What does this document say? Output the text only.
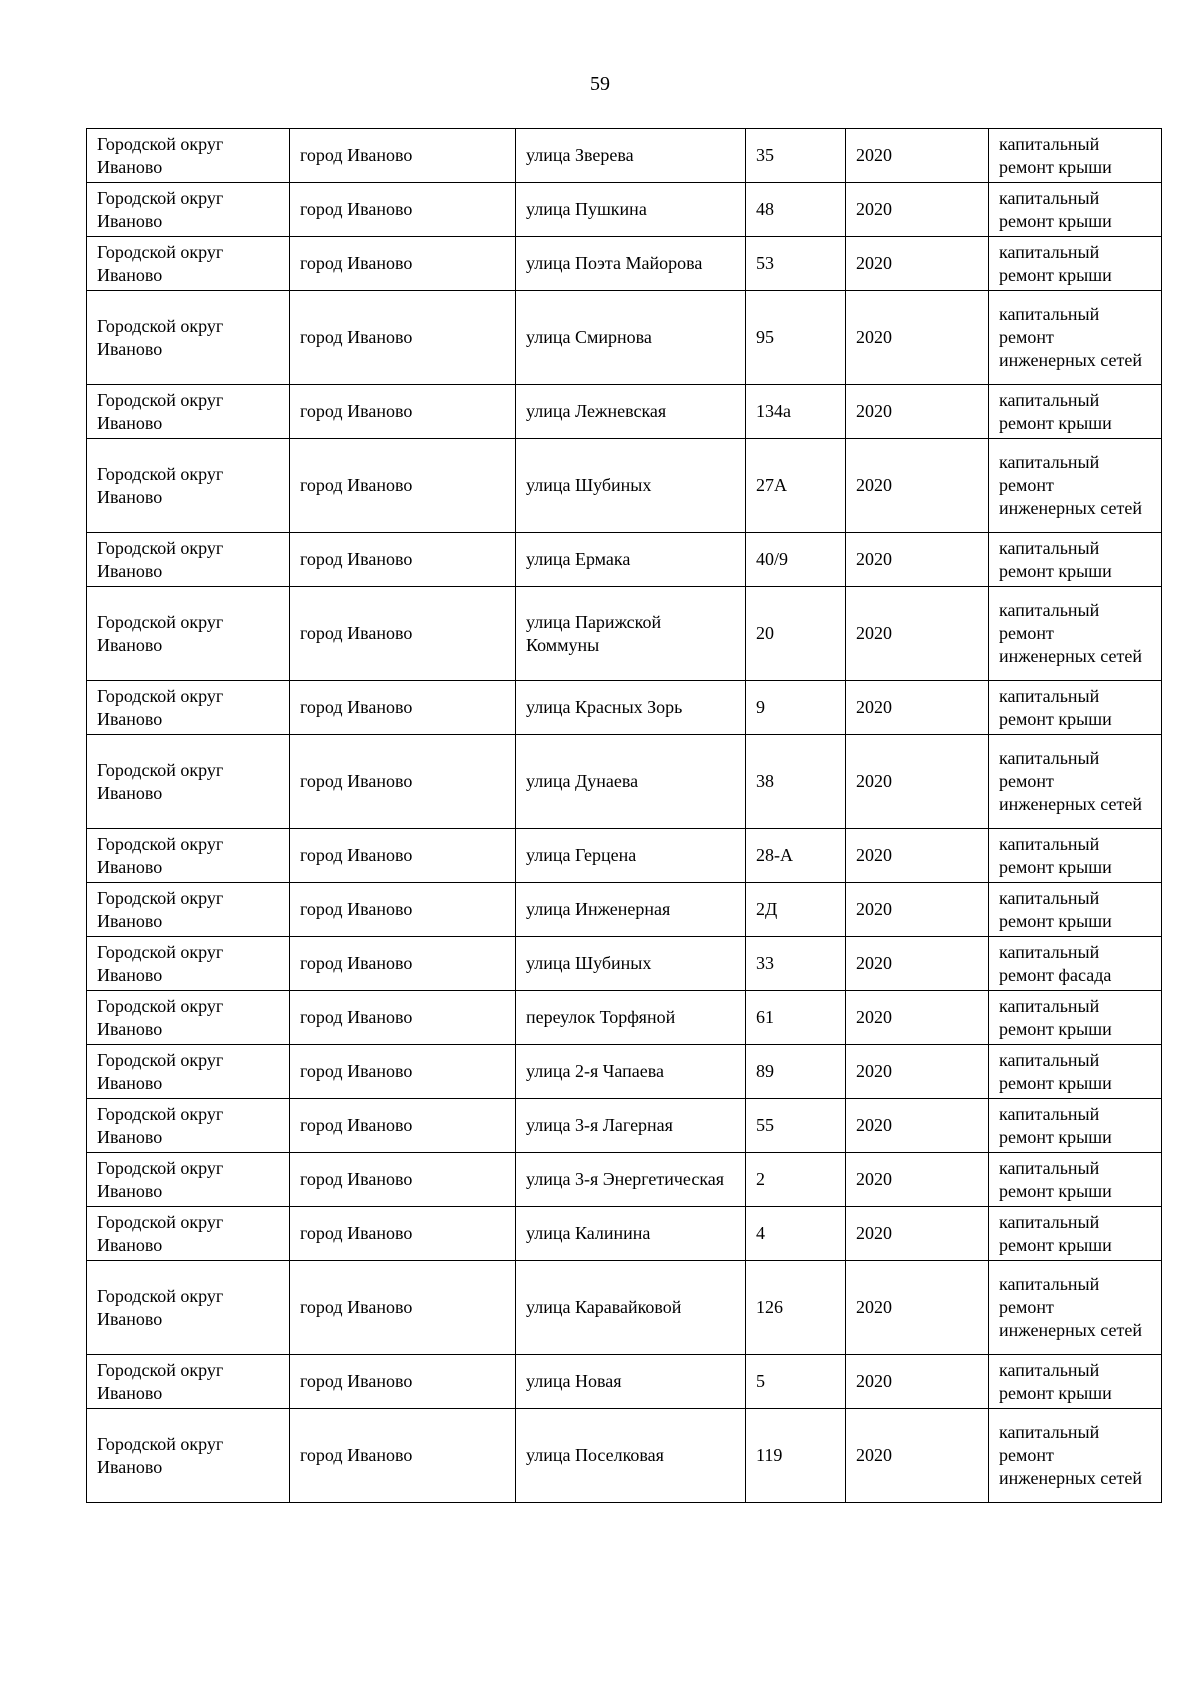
59
Городской округ Иваново	город Иваново	улица Зверева	35	2020	капитальный ремонт крыши
Городской округ Иваново	город Иваново	улица Пушкина	48	2020	капитальный ремонт крыши
Городской округ Иваново	город Иваново	улица Поэта Майорова	53	2020	капитальный ремонт крыши
Городской округ Иваново	город Иваново	улица Смирнова	95	2020	капитальный ремонт инженерных сетей
Городской округ Иваново	город Иваново	улица Лежневская	134а	2020	капитальный ремонт крыши
Городской округ Иваново	город Иваново	улица Шубиных	27А	2020	капитальный ремонт инженерных сетей
Городской округ Иваново	город Иваново	улица Ермака	40/9	2020	капитальный ремонт крыши
Городской округ Иваново	город Иваново	улица Парижской Коммуны	20	2020	капитальный ремонт инженерных сетей
Городской округ Иваново	город Иваново	улица Красных Зорь	9	2020	капитальный ремонт крыши
Городской округ Иваново	город Иваново	улица Дунаева	38	2020	капитальный ремонт инженерных сетей
Городской округ Иваново	город Иваново	улица Герцена	28-А	2020	капитальный ремонт крыши
Городской округ Иваново	город Иваново	улица Инженерная	2Д	2020	капитальный ремонт крыши
Городской округ Иваново	город Иваново	улица Шубиных	33	2020	капитальный ремонт фасада
Городской округ Иваново	город Иваново	переулок Торфяной	61	2020	капитальный ремонт крыши
Городской округ Иваново	город Иваново	улица 2-я Чапаева	89	2020	капитальный ремонт крыши
Городской округ Иваново	город Иваново	улица 3-я Лагерная	55	2020	капитальный ремонт крыши
Городской округ Иваново	город Иваново	улица 3-я Энергетическая	2	2020	капитальный ремонт крыши
Городской округ Иваново	город Иваново	улица Калинина	4	2020	капитальный ремонт крыши
Городской округ Иваново	город Иваново	улица Каравайковой	126	2020	капитальный ремонт инженерных сетей
Городской округ Иваново	город Иваново	улица Новая	5	2020	капитальный ремонт крыши
Городской округ Иваново	город Иваново	улица Поселковая	119	2020	капитальный ремонт инженерных сетей
